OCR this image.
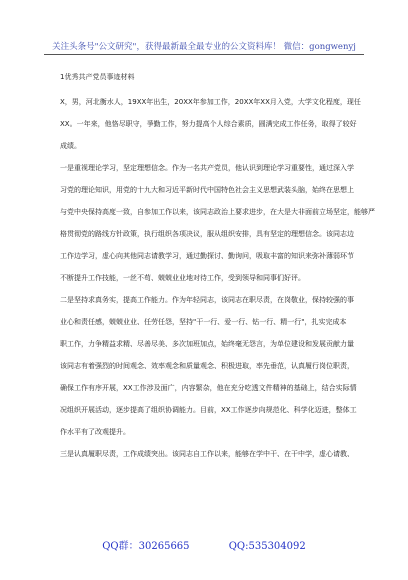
关注头条号"公文研究"，获得最新最全最专业的公文资料库！ 微信：gongwenyj
1优秀共产党员事迹材料
X，男，河北衡水人，19XX年出生，20XX年参加工作，20XX年XX月入党，大学文化程度，现任
XX。一年来，他恪尽职守，爭勤工作，努力提高个人综合素质，圆满完成工作任务，取得了较好
成绩。
一是重视理论学习，坚定理想信念。作为一名共产党员，他认识到理论学习重要性，通过深入学
习党的理论知识，用党的十九大和习近平新时代中国特色社会主义思想武装头脑，始终在思想上
与党中央保持高度一致，自参加工作以来，该同志政治上要求进步，在大是大非面前立场坚定，能够严
格贯彻党的路线方针政策，执行组织各项决议，服从组织安排，具有坚定的理想信念。该同志边
工作边学习，虚心向其他同志请教学习，通过勤探讨、勤询问，吸取丰富的知识来弥补薄弱环节
不断提升工作技能，一丝不苟、兢兢业业地对待工作，受到领导和同事们好评。
二是坚持求真务实，提高工作能力。作为年轻同志，该同志在职尽责，在岗敬业，保持较强的事
业心和责任感，兢兢业业、任劳任怨，坚持"干一行、爱一行、钻一行、精一行"，扎实完成本
职工作，力争精益求精、尽善尽美、多次加班加点，始终毫无怨言，为单位建设和发展贡献力量
该同志有着强烈的时间观念、效率观念和质量观念、积极进取，率先垂范，认真履行岗位职责，
确保工作有序开展，XX工作涉及面广，内容繁杂，他在充分吃透文件精神的基础上，结合实际情
况组织开展活动，逐步提高了组织协调能力。目前，XX工作逐步向规范化、科学化迈进，整体工
作水平有了改观提升。
三是认真履职尽责，工作成绩突出。该同志自工作以来，能够在学中干、在干中学，虚心请教、
QQ群：30265665	QQ:535304092
